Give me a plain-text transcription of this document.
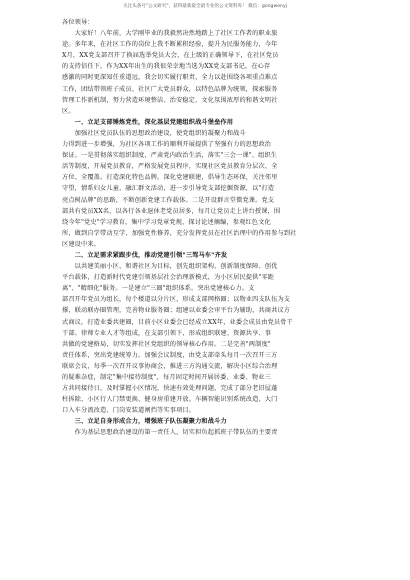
关注头条号"公文研究"，获得最新最全最专业的公文资料库！ 微信：gongwenyj
各位领导：
　　大家好！八年前，大学刚毕业的我毅然决然地踏上了社区工作者的职业旅
途。多年来，在社区工作的岗位上我不断累积经验，提升为民服务能力，今年
X月，XX党支部召开了换届选举党员大会，在上级的正确领导下，在社区党员
的支持信任下，作为XX年出生的我很荣幸地当选为XX党支部书记。在心存
感激的同时更深知任重道远，我会切实履行职责，全力以赴围绕各项重点难点
工作，团结带领班子成员、社区广大党员群众，以特色品牌为统领，探索服务
管理工作新机制，努力营造环境整洁、治安稳定、文化氛围浓厚的和谐文明社
区。
　　一、立足支部锤炼党性，深化基层党建组织战斗堡垒作用
　　加强社区党员队伍的思想政治建设，使党组织的凝聚力和战斗
力得到进一步增强，为社区各项工作的顺利开展提供了坚强有力的思想政治
保证。一是贯彻落实组织制度，严肃党内政治生活，落实"三会一课"、组织生
活等制度，开展党员教育，严格发展党员程序，实现社区党员教育分层次、全
方位、全覆盖。打造深化特色品牌，深化党建联建，倡导生态环保，关注邻里
守望，情系妇女儿童、融汇群文活动，进一步引导党支部挖掘资源，以"打造
亮点树品牌"的思路，不断创新党建工作载体。二是开设群言堂微党课。党支
部共有党员XX名，以各行各业退休老党员居多，每月让党员走上讲台授课，围
绕今年"党史"学习教育，集中学习党章党规，探讨论述摘编，参观红色文化
所，做到自学带动互学，加强党性修养，充分发挥党员在社区治理中的作用参与到社
区建设中来。
　　二、立足需求紧跟步伐，推动党建引领"三驾马车"齐发
　　以共建美丽小区、和谐社区为目标，创先组织架构、创新制度保障、创优
平台载体，打造新时代党建引领基层社会治理新模式，为小区居民提供"零距
离"、"精细化"服务。一是建立"三圈"组织体系，突出党建核心力。支
部召开年党员为组长，每个楼道以分片区，形成支部网格圈；以物业四支队伍为支
撑，联动联办圈管理，完善物业服务圈；组建以业委会审平台为辅助，共商共议方
式商议，打造业委共建圈，目前小区业委会已经成立XX年，业委会成员由党员骨干
干部、律师专业人才等组成，在支部引领下，形成组织联建、资源共享、事
共做的党建格局，切实发挥社区党组织的领导核心作用。二是完善"两制度"
责任体系，突出党建统筹力。加强会议制度，由党支部牵头每月一次召开三方
联席会议，每季一次召开议事协商会，推进三方沟通交流，解决小区综合治理
的疑难杂症，制定"集中接待制度"，每月固定时间开展居委、业委、物业三
方共同接待日，及时掌握小区情况，快速有效处理问题，完成了部分老旧屋蓬
柱拆除、小区行人门禁更换、健身房重建开放。车辆智能识别系统改造、大门
口入车分流改造、门岗安装道闸挡等实事项目。
　　三、立足自身形成合力，增强班子队伍凝聚力和战斗力
　　作为基层思想政治建设的第一责任人，切实担负起抓班子带队伍的主要责
